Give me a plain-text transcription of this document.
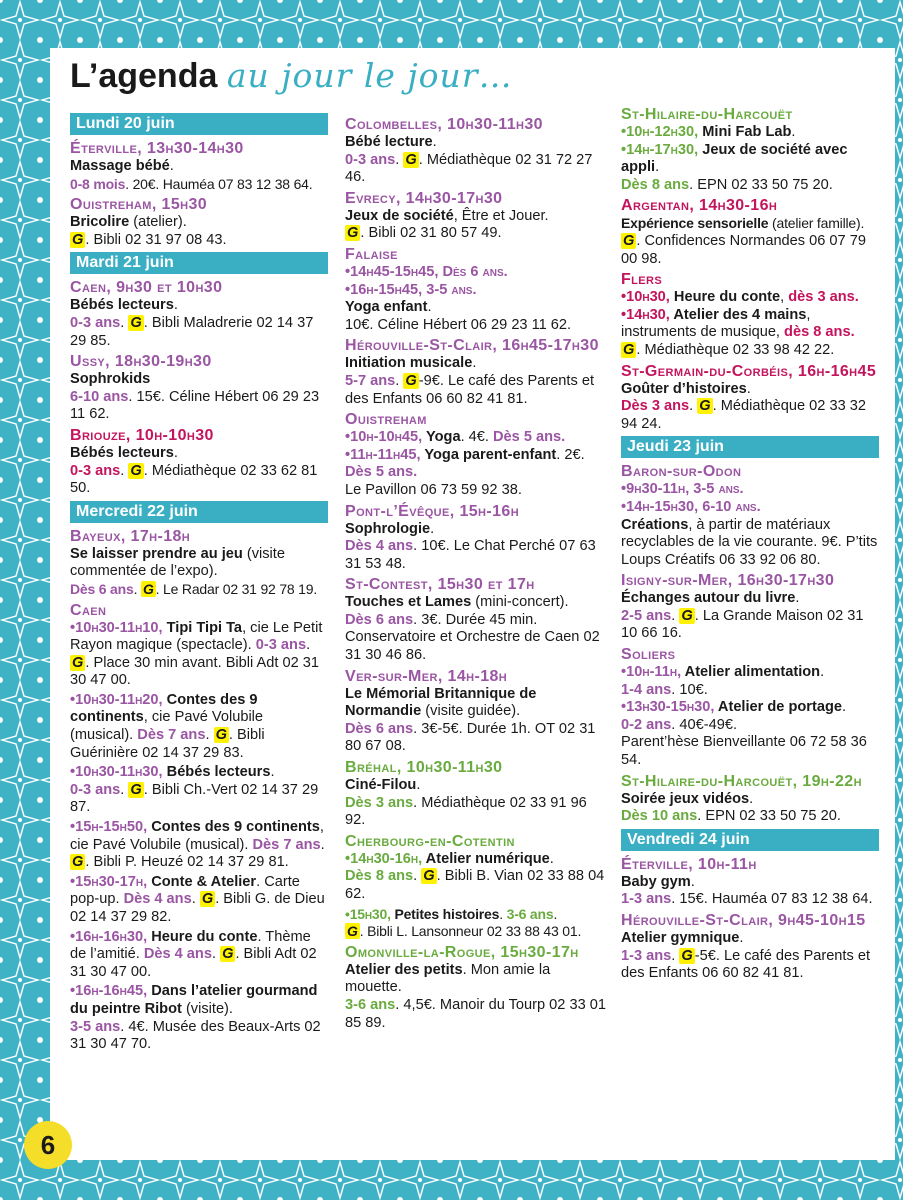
L’agenda au jour le jour…
Lundi 20 juin
Éterville, 13h30-14h30
Massage bébé.
0-8 mois. 20€. Hauméa 07 83 12 38 64.
Ouistreham, 15h30
Bricolire (atelier).
G . Bibli 02 31 97 08 43.
Mardi 21 juin
Caen, 9h30 et 10h30
Bébés lecteurs.
0-3 ans. G . Bibli Maladrerie 02 14 37 29 85.
Ussy, 18h30-19h30
Sophrokids
6-10 ans. 15€. Céline Hébert 06 29 23 11 62.
Briouze, 10h-10h30
Bébés lecteurs.
0-3 ans. G . Médiathèque 02 33 62 81 50.
Mercredi 22 juin
Bayeux, 17h-18h
Se laisser prendre au jeu (visite commentée de l’expo).
Dès 6 ans. G . Le Radar 02 31 92 78 19.
Caen
•10h30-11h10, Tipi Tipi Ta, cie Le Petit Rayon magique (spectacle). 0-3 ans. G . Place 30 min avant. Bibli Adt 02 31 30 47 00.
•10h30-11h20, Contes des 9 continents, cie Pavé Volubile (musical). Dès 7 ans. G . Bibli Guérinière 02 14 37 29 83.
•10h30-11h30, Bébés lecteurs.
0-3 ans. G . Bibli Ch.-Vert 02 14 37 29 87.
•15h-15h50, Contes des 9 continents, cie Pavé Volubile (musical). Dès 7 ans. G . Bibli P. Heuzé 02 14 37 29 81.
•15h30-17h, Conte & Atelier. Carte pop-up. Dès 4 ans. G . Bibli G. de Dieu 02 14 37 29 82.
•16h-16h30, Heure du conte. Thème de l’amitié. Dès 4 ans. G . Bibli Adt 02 31 30 47 00.
•16h-16h45, Dans l’atelier gourmand du peintre Ribot (visite).
3-5 ans. 4€. Musée des Beaux-Arts 02 31 30 47 70.
Colombelles, 10h30-11h30
Bébé lecture.
0-3 ans. G . Médiathèque 02 31 72 27 46.
Evrecy, 14h30-17h30
Jeux de société, Être et Jouer.
G . Bibli 02 31 80 57 49.
Falaise
•14h45-15h45, Dès 6 ans.
•16h-15h45, 3-5 ans.
Yoga enfant.
10€. Céline Hébert 06 29 23 11 62.
Hérouville-St-Clair, 16h45-17h30
Initiation musicale.
5-7 ans. G -9€. Le café des Parents et des Enfants 06 60 82 41 81.
Ouistreham
•10h-10h45, Yoga. 4€. Dès 5 ans.
•11h-11h45, Yoga parent-enfant. 2€. Dès 5 ans.
Le Pavillon 06 73 59 92 38.
Pont-l’Évêque, 15h-16h
Sophrologie.
Dès 4 ans. 10€. Le Chat Perché 07 63 31 53 48.
St-Contest, 15h30 et 17h
Touches et Lames (mini-concert).
Dès 6 ans. 3€. Durée 45 min. Conservatoire et Orchestre de Caen 02 31 30 46 86.
Ver-sur-Mer, 14h-18h
Le Mémorial Britannique de Normandie (visite guidée).
Dès 6 ans. 3€-5€. Durée 1h. OT 02 31 80 67 08.
Bréhal, 10h30-11h30
Ciné-Filou.
Dès 3 ans. Médiathèque 02 33 91 96 92.
Cherbourg-en-Cotentin
•14h30-16h, Atelier numérique.
Dès 8 ans. G . Bibli B. Vian 02 33 88 04 62.
•15h30, Petites histoires. 3-6 ans.
G . Bibli L. Lansonneur 02 33 88 43 01.
Omonville-la-Rogue, 15h30-17h
Atelier des petits. Mon amie la mouette.
3-6 ans. 4,5€. Manoir du Tourp 02 33 01 85 89.
St-Hilaire-du-Harcouët
•10h-12h30, Mini Fab Lab.
•14h-17h30, Jeux de société avec appli.
Dès 8 ans. EPN 02 33 50 75 20.
Argentan, 14h30-16h
Expérience sensorielle (atelier famille).
G . Confidences Normandes 06 07 79 00 98.
Flers
•10h30, Heure du conte, dès 3 ans.
•14h30, Atelier des 4 mains, instruments de musique, dès 8 ans.
G . Médiathèque 02 33 98 42 22.
St-Germain-du-Corbéis, 16h-16h45
Goûter d’histoires.
Dès 3 ans. G . Médiathèque 02 33 32 94 24.
Jeudi 23 juin
Baron-sur-Odon
•9h30-11h, 3-5 ans.
•14h-15h30, 6-10 ans.
Créations, à partir de matériaux recyclables de la vie courante. 9€. P’tits Loups Créatifs 06 33 92 06 80.
Isigny-sur-Mer, 16h30-17h30
Échanges autour du livre.
2-5 ans. G . La Grande Maison 02 31 10 66 16.
Soliers
•10h-11h, Atelier alimentation.
1-4 ans. 10€.
•13h30-15h30, Atelier de portage.
0-2 ans. 40€-49€.
Parent’hèse Bienveillante 06 72 58 36 54.
St-Hilaire-du-Harcouët, 19h-22h
Soirée jeux vidéos.
Dès 10 ans. EPN 02 33 50 75 20.
Vendredi 24 juin
Éterville, 10h-11h
Baby gym.
1-3 ans. 15€. Hauméa 07 83 12 38 64.
Hérouville-St-Clair, 9h45-10h15
Atelier gymnique.
1-3 ans. G -5€. Le café des Parents et des Enfants 06 60 82 41 81.
6
